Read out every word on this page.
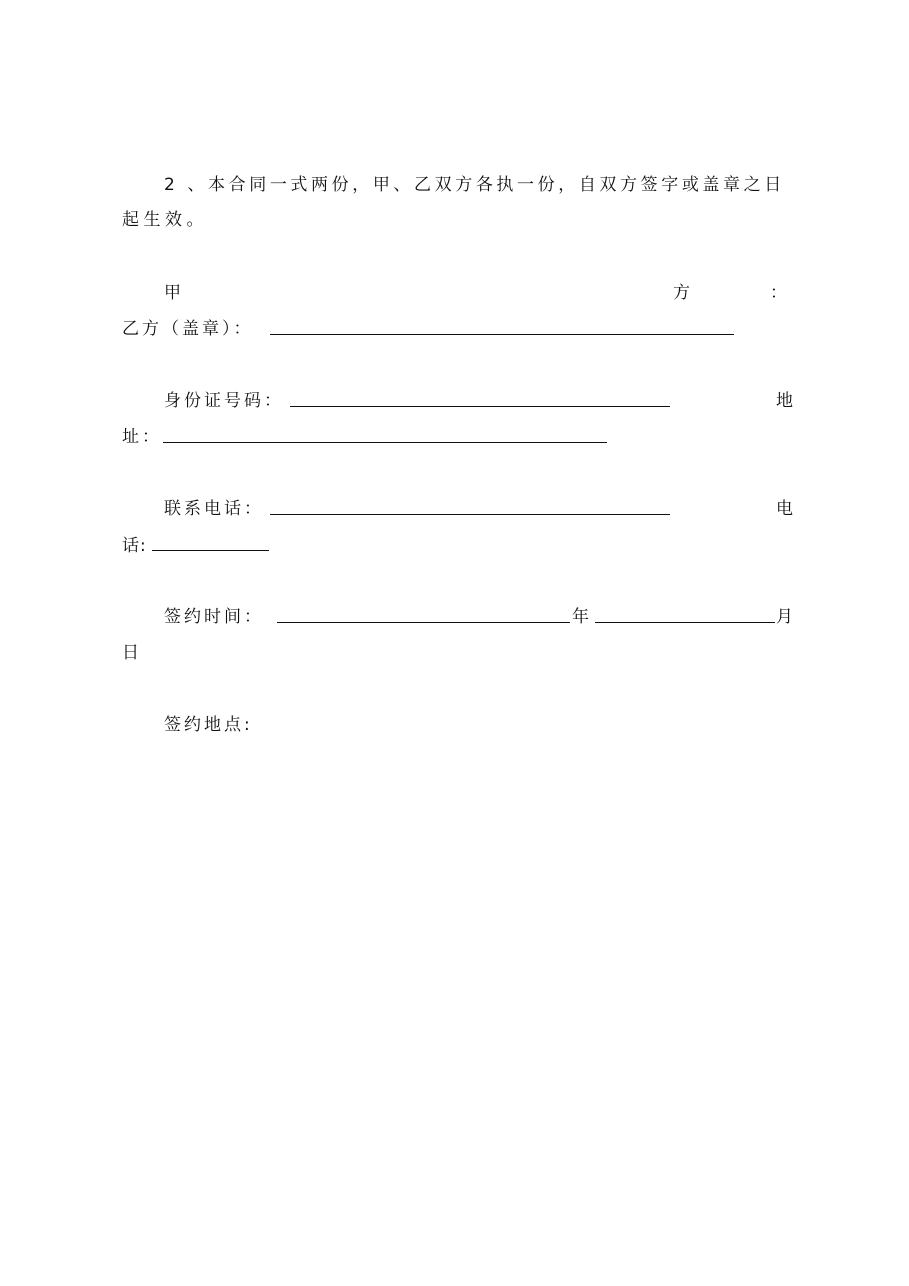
2 、本合同一式两份，甲、乙双方各执一份，自双方签字或盖章之日
起生效。
甲	方	：
乙方（盖章）：
身份证号码：	地
址：
联系电话：	电
话:
签约时间：	年	月
日
签约地点:
